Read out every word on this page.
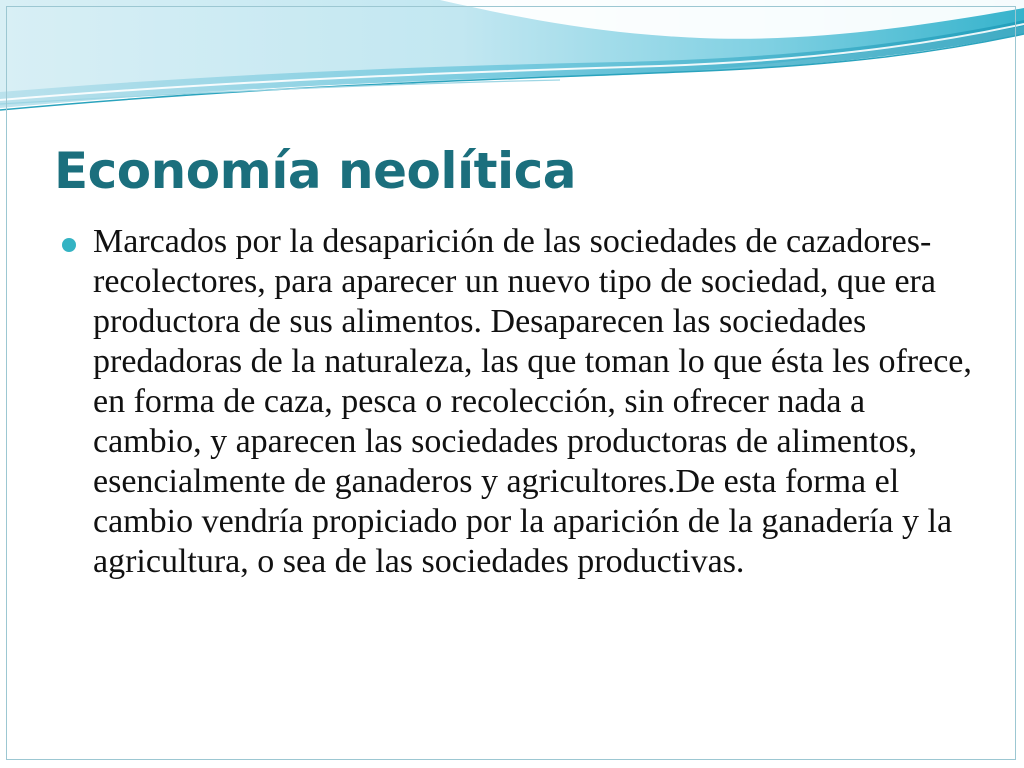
Economía neolítica

Marcados por la desaparición de las sociedades de cazadores-recolectores, para aparecer un nuevo tipo de sociedad, que era productora de sus alimentos. Desaparecen las sociedades predadoras de la naturaleza, las que toman lo que ésta les ofrece, en forma de caza, pesca o recolección, sin ofrecer nada a cambio, y aparecen las sociedades productoras de alimentos, esencialmente de ganaderos y agricultores.De esta forma el cambio vendría propiciado por la aparición de la ganadería y la agricultura, o sea de las sociedades productivas.
